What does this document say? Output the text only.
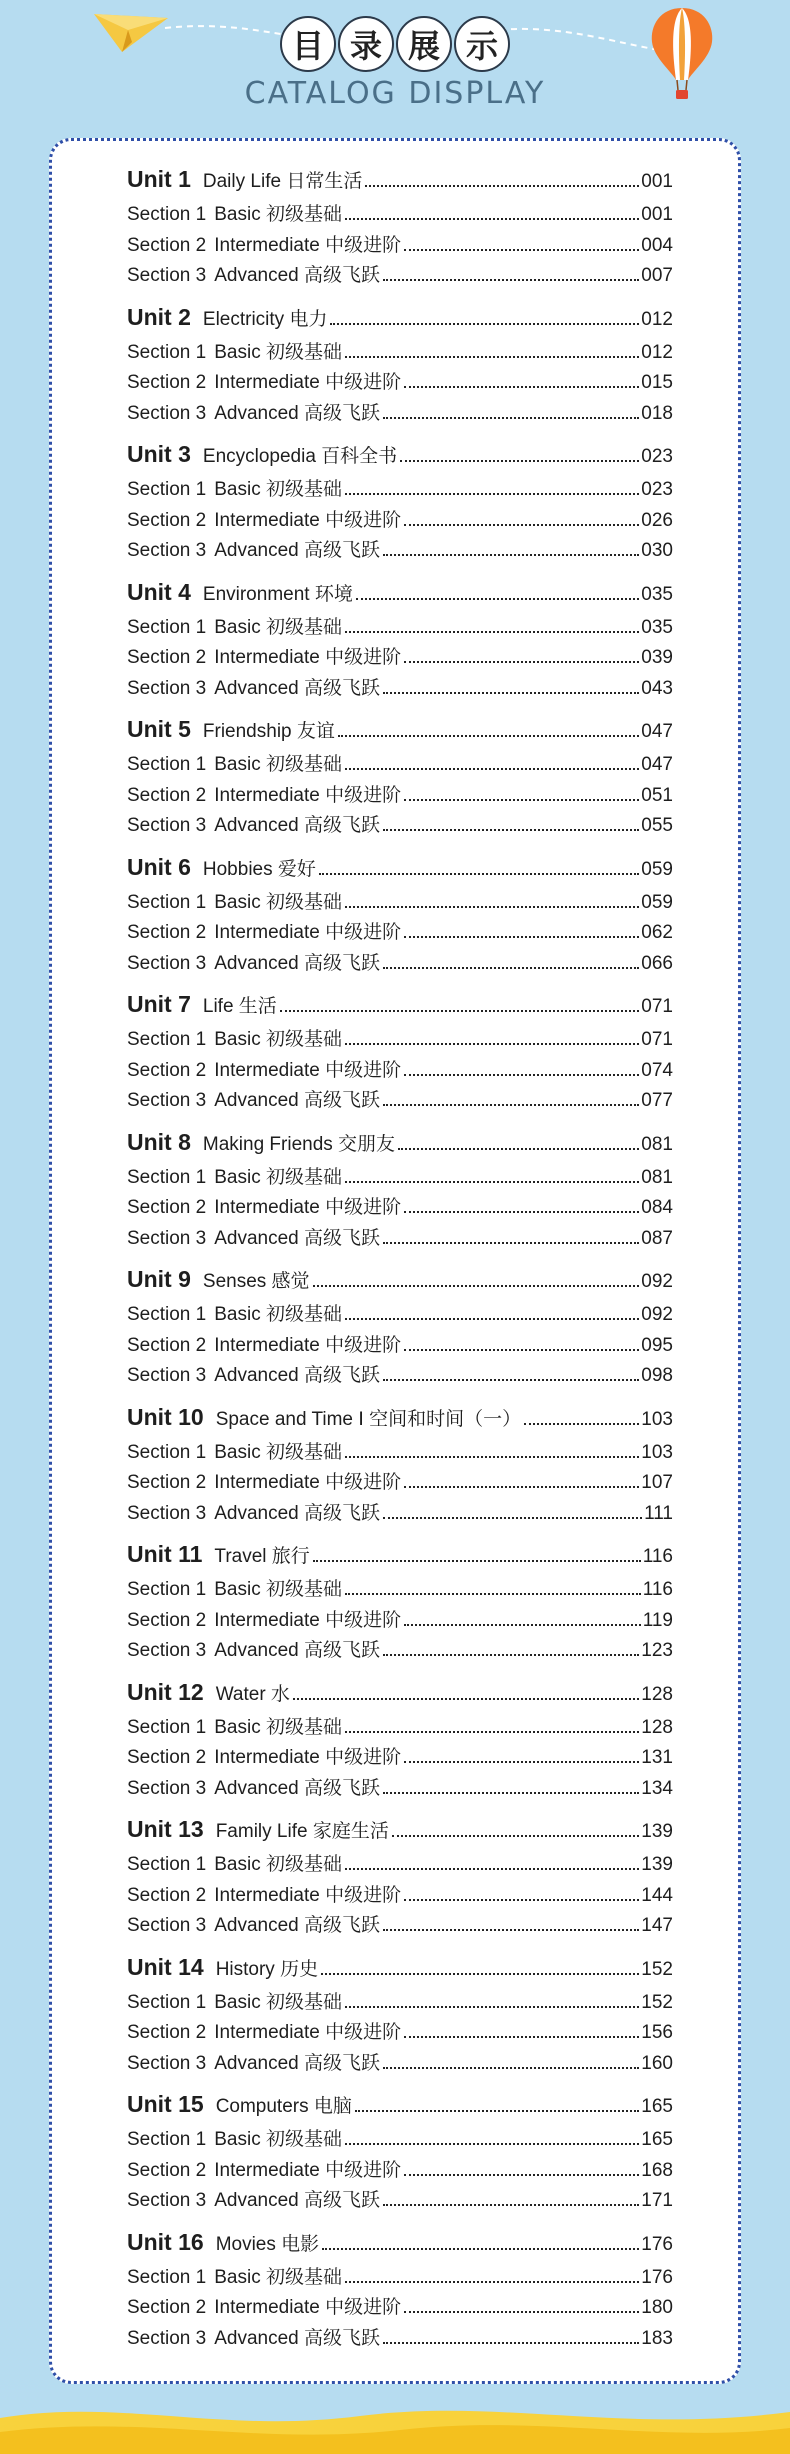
目 录 展 示
CATALOG DISPLAY
Unit 1 Daily Life 日常生活	001
Section 1 Basic 初级基础	001
Section 2 Intermediate 中级进阶	004
Section 3 Advanced 高级飞跃	007
Unit 2 Electricity 电力	012
Section 1 Basic 初级基础	012
Section 2 Intermediate 中级进阶	015
Section 3 Advanced 高级飞跃	018
Unit 3 Encyclopedia 百科全书	023
Section 1 Basic 初级基础	023
Section 2 Intermediate 中级进阶	026
Section 3 Advanced 高级飞跃	030
Unit 4 Environment 环境	035
Section 1 Basic 初级基础	035
Section 2 Intermediate 中级进阶	039
Section 3 Advanced 高级飞跃	043
Unit 5 Friendship 友谊	047
Section 1 Basic 初级基础	047
Section 2 Intermediate 中级进阶	051
Section 3 Advanced 高级飞跃	055
Unit 6 Hobbies 爱好	059
Section 1 Basic 初级基础	059
Section 2 Intermediate 中级进阶	062
Section 3 Advanced 高级飞跃	066
Unit 7 Life 生活	071
Section 1 Basic 初级基础	071
Section 2 Intermediate 中级进阶	074
Section 3 Advanced 高级飞跃	077
Unit 8 Making Friends 交朋友	081
Section 1 Basic 初级基础	081
Section 2 Intermediate 中级进阶	084
Section 3 Advanced 高级飞跃	087
Unit 9 Senses 感觉	092
Section 1 Basic 初级基础	092
Section 2 Intermediate 中级进阶	095
Section 3 Advanced 高级飞跃	098
Unit 10 Space and Time Ⅰ 空间和时间（一）	103
Section 1 Basic 初级基础	103
Section 2 Intermediate 中级进阶	107
Section 3 Advanced 高级飞跃	111
Unit 11 Travel 旅行	116
Section 1 Basic 初级基础	116
Section 2 Intermediate 中级进阶	119
Section 3 Advanced 高级飞跃	123
Unit 12 Water 水	128
Section 1 Basic 初级基础	128
Section 2 Intermediate 中级进阶	131
Section 3 Advanced 高级飞跃	134
Unit 13 Family Life 家庭生活	139
Section 1 Basic 初级基础	139
Section 2 Intermediate 中级进阶	144
Section 3 Advanced 高级飞跃	147
Unit 14 History 历史	152
Section 1 Basic 初级基础	152
Section 2 Intermediate 中级进阶	156
Section 3 Advanced 高级飞跃	160
Unit 15 Computers 电脑	165
Section 1 Basic 初级基础	165
Section 2 Intermediate 中级进阶	168
Section 3 Advanced 高级飞跃	171
Unit 16 Movies 电影	176
Section 1 Basic 初级基础	176
Section 2 Intermediate 中级进阶	180
Section 3 Advanced 高级飞跃	183
